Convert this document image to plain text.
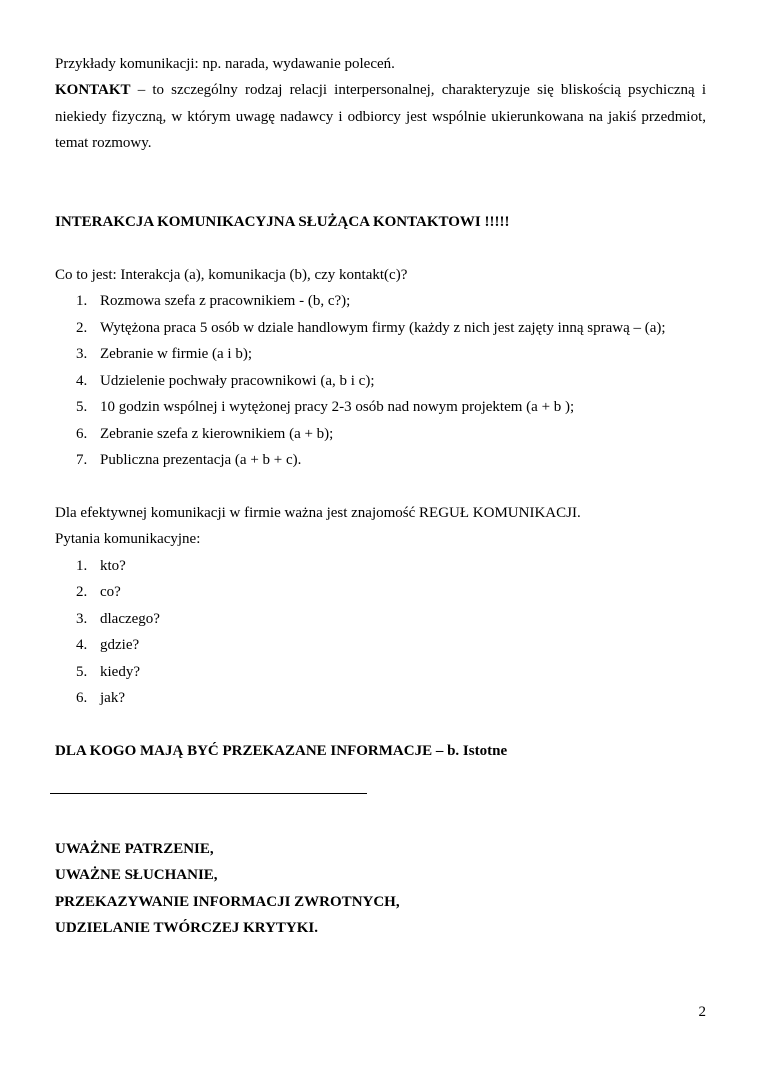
Przykłady komunikacji: np. narada, wydawanie poleceń.
KONTAKT – to szczególny rodzaj relacji interpersonalnej, charakteryzuje się bliskością psychiczną i
niekiedy fizyczną, w którym uwagę nadawcy i odbiorcy jest wspólnie ukierunkowana na jakiś przedmiot,
temat rozmowy.
INTERAKCJA KOMUNIKACYJNA SŁUŻĄCA KONTAKTOWI !!!!!
Co to jest: Interakcja (a), komunikacja (b), czy kontakt(c)?
1. Rozmowa szefa z pracownikiem - (b, c?);
2. Wytężona praca 5 osób w dziale handlowym firmy (każdy z nich jest zajęty inną sprawą – (a);
3. Zebranie w firmie (a i b);
4. Udzielenie pochwały pracownikowi (a, b i c);
5. 10 godzin wspólnej i wytężonej pracy 2-3 osób nad nowym projektem (a + b );
6. Zebranie szefa z kierownikiem (a + b);
7. Publiczna prezentacja (a + b + c).
Dla efektywnej komunikacji w firmie ważna jest znajomość REGUŁ KOMUNIKACJI.
Pytania komunikacyjne:
1. kto?
2. co?
3. dlaczego?
4. gdzie?
5. kiedy?
6. jak?
DLA KOGO MAJĄ BYĆ PRZEKAZANE INFORMACJE – b. Istotne
UWAŻNE PATRZENIE,
UWAŻNE SŁUCHANIE,
PRZEKAZYWANIE INFORMACJI ZWROTNYCH,
UDZIELANIE TWÓRCZEJ KRYTYKI.
2
